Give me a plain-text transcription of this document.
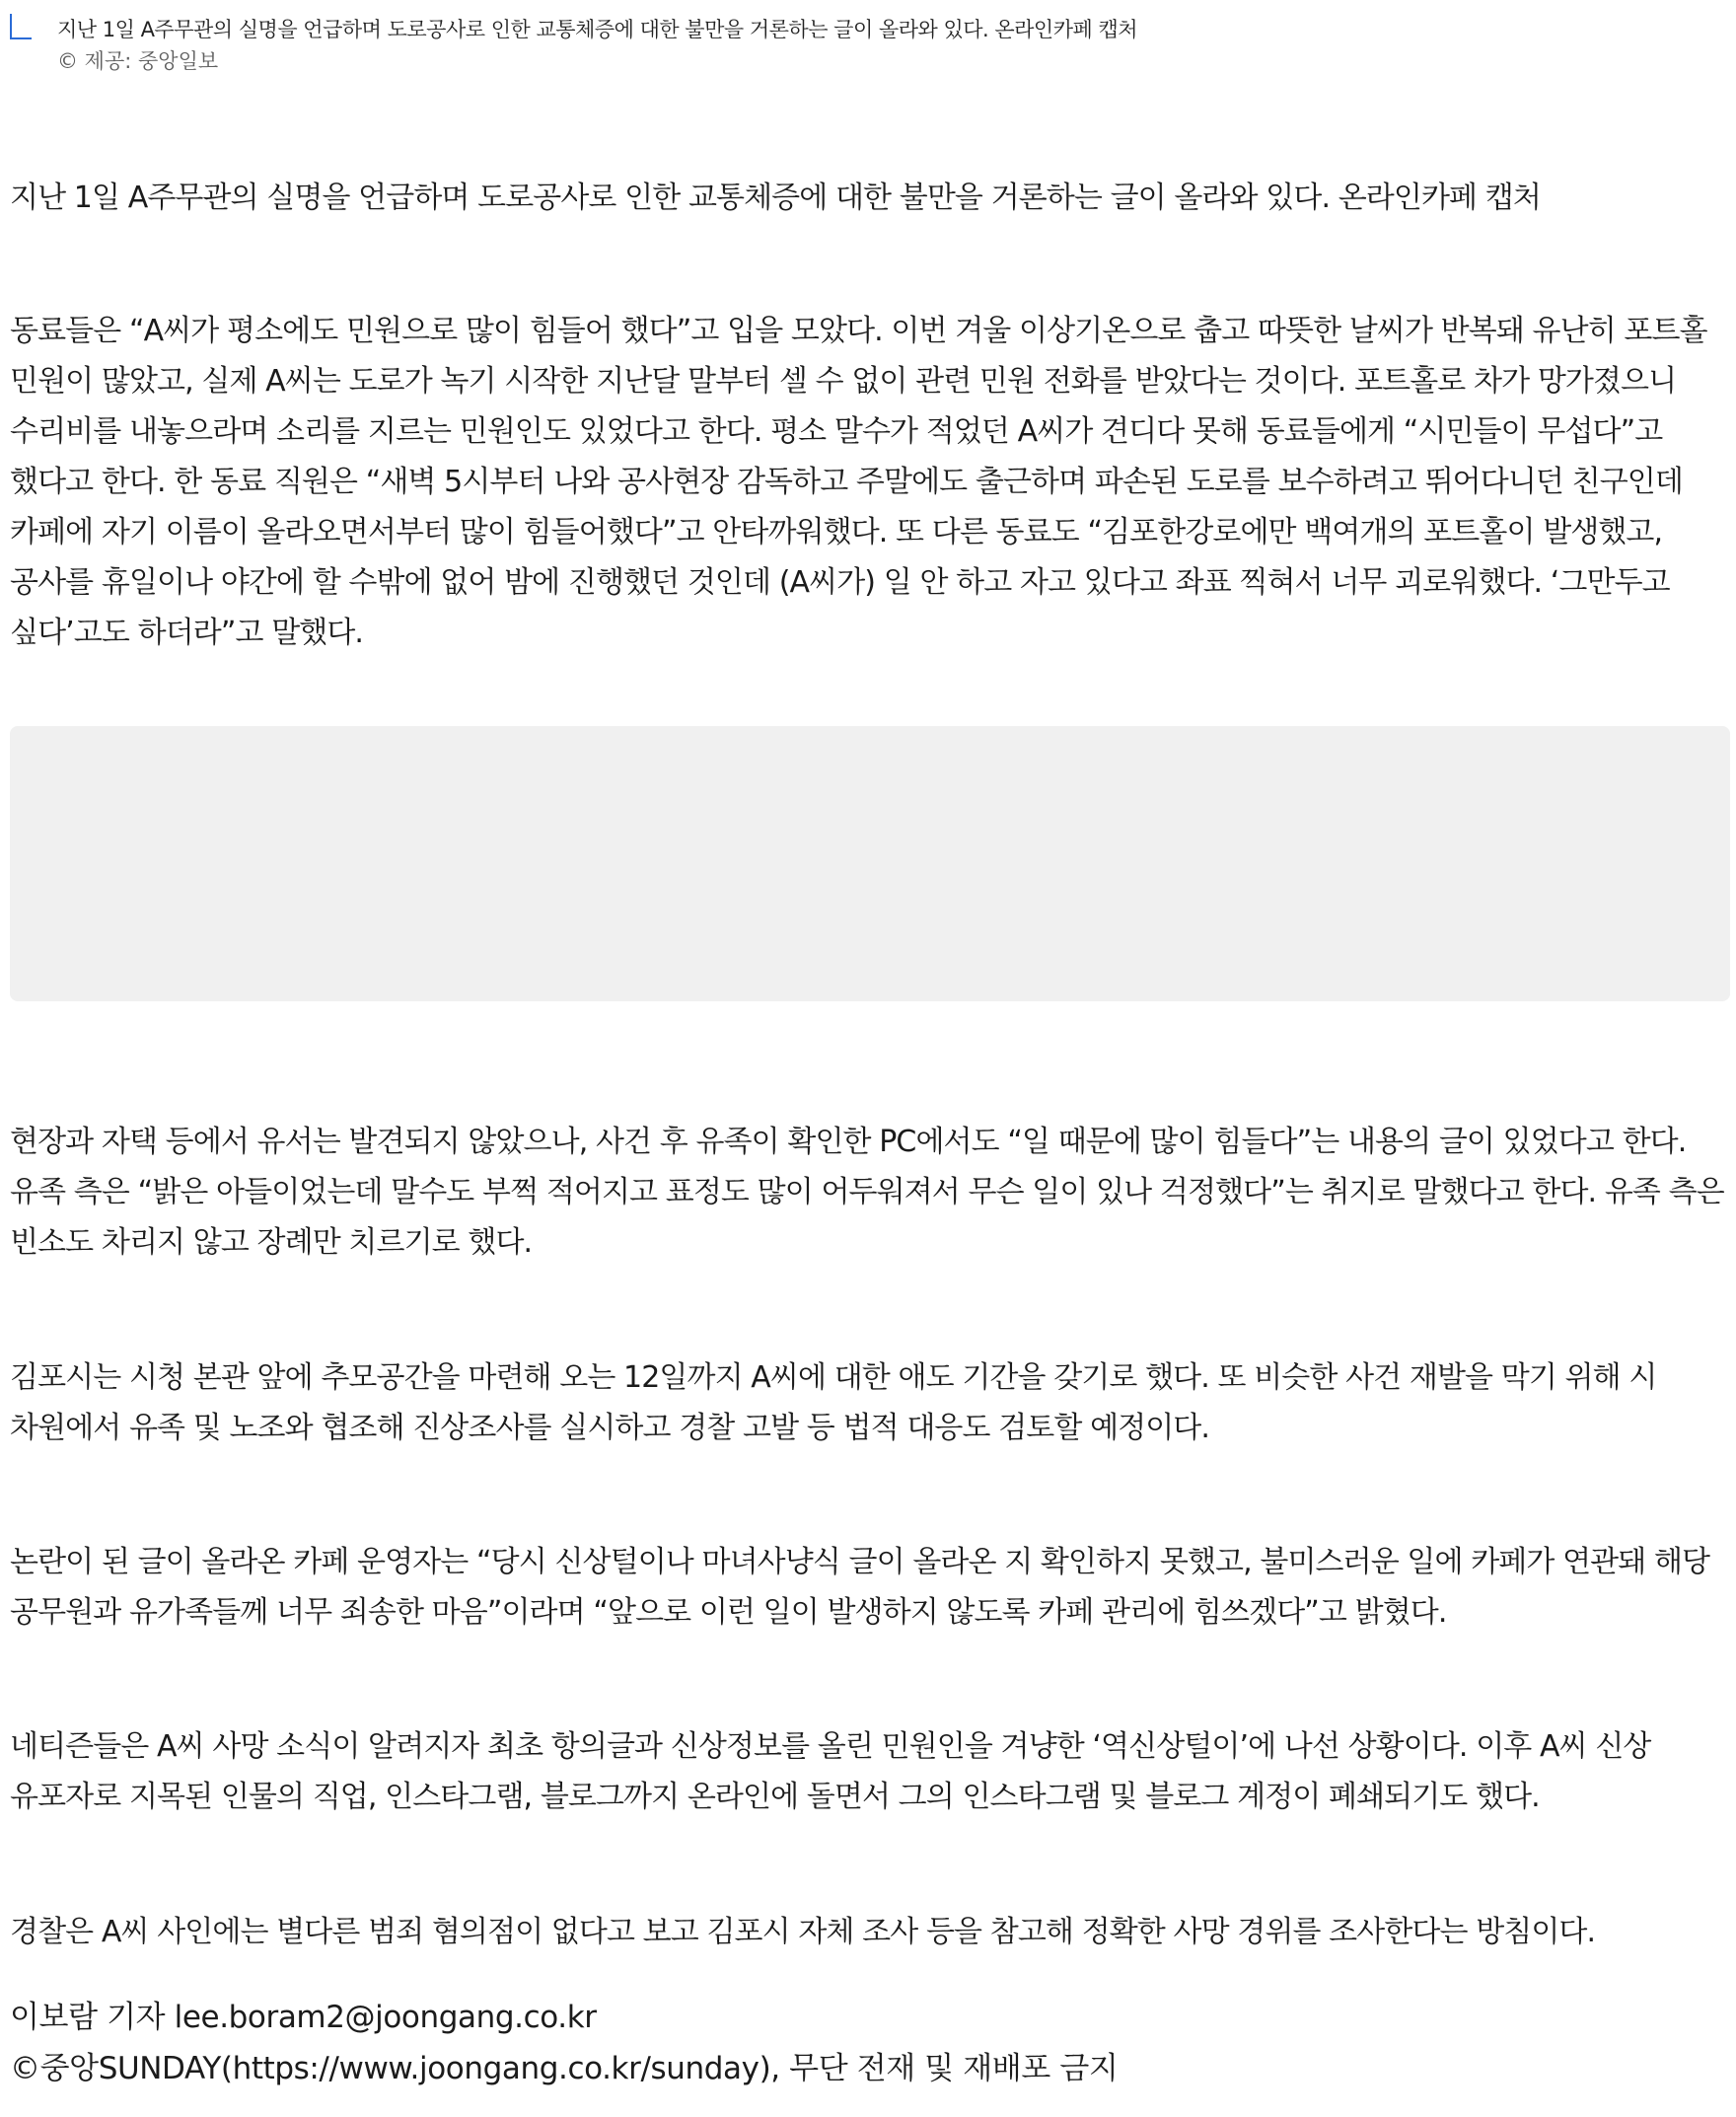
지난 1일 A주무관의 실명을 언급하며 도로공사로 인한 교통체증에 대한 불만을 거론하는 글이 올라와 있다. 온라인카페 캡처
© 제공: 중앙일보

지난 1일 A주무관의 실명을 언급하며 도로공사로 인한 교통체증에 대한 불만을 거론하는 글이 올라와 있다. 온라인카페 캡처

동료들은 “A씨가 평소에도 민원으로 많이 힘들어 했다”고 입을 모았다. 이번 겨울 이상기온으로 춥고 따뜻한 날씨가 반복돼 유난히 포트홀 민원이 많았고, 실제 A씨는 도로가 녹기 시작한 지난달 말부터 셀 수 없이 관련 민원 전화를 받았다는 것이다. 포트홀로 차가 망가졌으니 수리비를 내놓으라며 소리를 지르는 민원인도 있었다고 한다. 평소 말수가 적었던 A씨가 견디다 못해 동료들에게 “시민들이 무섭다”고 했다고 한다. 한 동료 직원은 “새벽 5시부터 나와 공사현장 감독하고 주말에도 출근하며 파손된 도로를 보수하려고 뛰어다니던 친구인데 카페에 자기 이름이 올라오면서부터 많이 힘들어했다”고 안타까워했다. 또 다른 동료도 “김포한강로에만 백여개의 포트홀이 발생했고, 공사를 휴일이나 야간에 할 수밖에 없어 밤에 진행했던 것인데 (A씨가) 일 안 하고 자고 있다고 좌표 찍혀서 너무 괴로워했다. ‘그만두고 싶다’고도 하더라”고 말했다.

현장과 자택 등에서 유서는 발견되지 않았으나, 사건 후 유족이 확인한 PC에서도 “일 때문에 많이 힘들다”는 내용의 글이 있었다고 한다. 유족 측은 “밝은 아들이었는데 말수도 부쩍 적어지고 표정도 많이 어두워져서 무슨 일이 있나 걱정했다”는 취지로 말했다고 한다. 유족 측은 빈소도 차리지 않고 장례만 치르기로 했다.

김포시는 시청 본관 앞에 추모공간을 마련해 오는 12일까지 A씨에 대한 애도 기간을 갖기로 했다. 또 비슷한 사건 재발을 막기 위해 시 차원에서 유족 및 노조와 협조해 진상조사를 실시하고 경찰 고발 등 법적 대응도 검토할 예정이다.

논란이 된 글이 올라온 카페 운영자는 “당시 신상털이나 마녀사냥식 글이 올라온 지 확인하지 못했고, 불미스러운 일에 카페가 연관돼 해당 공무원과 유가족들께 너무 죄송한 마음”이라며 “앞으로 이런 일이 발생하지 않도록 카페 관리에 힘쓰겠다”고 밝혔다.

네티즌들은 A씨 사망 소식이 알려지자 최초 항의글과 신상정보를 올린 민원인을 겨냥한 ‘역신상털이’에 나선 상황이다. 이후 A씨 신상 유포자로 지목된 인물의 직업, 인스타그램, 블로그까지 온라인에 돌면서 그의 인스타그램 및 블로그 계정이 폐쇄되기도 했다.

경찰은 A씨 사인에는 별다른 범죄 혐의점이 없다고 보고 김포시 자체 조사 등을 참고해 정확한 사망 경위를 조사한다는 방침이다.

이보람 기자 lee.boram2@joongang.co.kr
©중앙SUNDAY(https://www.joongang.co.kr/sunday), 무단 전재 및 재배포 금지
